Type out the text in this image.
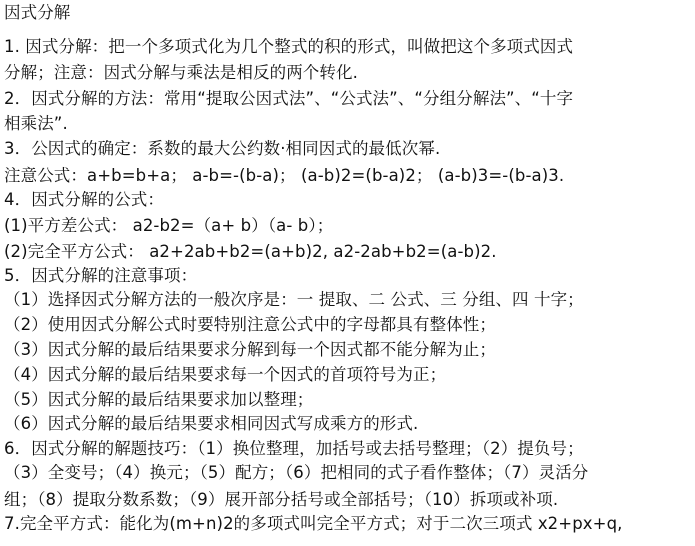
因式分解
1. 因式分解：把一个多项式化为几个整式的积的形式，叫做把这个多项式因式
分解；注意：因式分解与乘法是相反的两个转化.
2．因式分解的方法：常用“提取公因式法”、“公式法”、“分组分解法”、“十字
相乘法”.
3．公因式的确定：系数的最大公约数·相同因式的最低次幂.
注意公式：a+b=b+a； a-b=-(b-a)； (a-b)2=(b-a)2； (a-b)3=-(b-a)3.
4．因式分解的公式：
(1)平方差公式： a2-b2=（a+ b）（a- b）；
(2)完全平方公式： a2+2ab+b2=(a+b)2, a2-2ab+b2=(a-b)2.
5．因式分解的注意事项：
（1）选择因式分解方法的一般次序是：一 提取、二 公式、三 分组、四 十字；
（2）使用因式分解公式时要特别注意公式中的字母都具有整体性；
（3）因式分解的最后结果要求分解到每一个因式都不能分解为止；
（4）因式分解的最后结果要求每一个因式的首项符号为正；
（5）因式分解的最后结果要求加以整理；
（6）因式分解的最后结果要求相同因式写成乘方的形式.
6．因式分解的解题技巧：（1）换位整理，加括号或去括号整理；（2）提负号；
（3）全变号；（4）换元；（5）配方；（6）把相同的式子看作整体；（7）灵活分
组；（8）提取分数系数；（9）展开部分括号或全部括号；（10）拆项或补项.
7.完全平方式：能化为(m+n)2的多项式叫完全平方式；对于二次三项式 x2+px+q,
